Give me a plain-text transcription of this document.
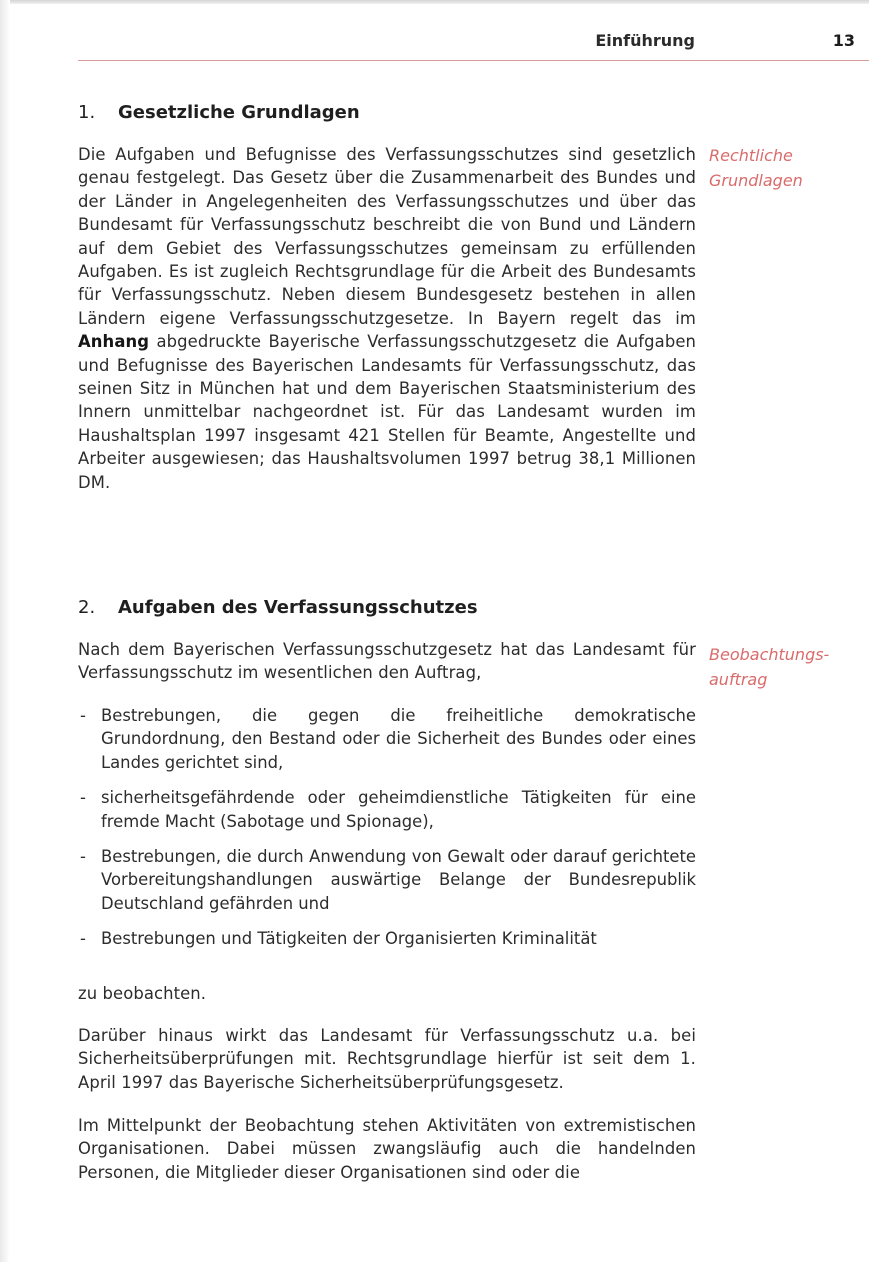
Einführung	13
1. Gesetzliche Grundlagen
Rechtliche
Grundlagen

Die Aufgaben und Befugnisse des Verfassungsschutzes sind gesetzlich genau festgelegt. Das Gesetz über die Zusammenarbeit des Bundes und der Länder in Angelegenheiten des Verfassungsschutzes und über das Bundesamt für Verfassungsschutz beschreibt die von Bund und Ländern auf dem Gebiet des Verfassungsschutzes gemeinsam zu erfüllenden Aufgaben. Es ist zugleich Rechtsgrundlage für die Arbeit des Bundesamts für Verfassungsschutz. Neben diesem Bundesgesetz bestehen in allen Ländern eigene Verfassungsschutzgesetze. In Bayern regelt das im Anhang abgedruckte Bayerische Verfassungsschutzgesetz die Aufgaben und Befugnisse des Bayerischen Landesamts für Verfassungsschutz, das seinen Sitz in München hat und dem Bayerischen Staatsministerium des Innern unmittelbar nachgeordnet ist. Für das Landesamt wurden im Haushaltsplan 1997 insgesamt 421 Stellen für Beamte, Angestellte und Arbeiter ausgewiesen; das Haushaltsvolumen 1997 betrug 38,1 Millionen DM.

2. Aufgaben des Verfassungsschutzes
Beobachtungs-
auftrag

Nach dem Bayerischen Verfassungsschutzgesetz hat das Landesamt für Verfassungsschutz im wesentlichen den Auftrag,

- Bestrebungen, die gegen die freiheitliche demokratische Grundordnung, den Bestand oder die Sicherheit des Bundes oder eines Landes gerichtet sind,
- sicherheitsgefährdende oder geheimdienstliche Tätigkeiten für eine fremde Macht (Sabotage und Spionage),
- Bestrebungen, die durch Anwendung von Gewalt oder darauf gerichtete Vorbereitungshandlungen auswärtige Belange der Bundesrepublik Deutschland gefährden und
- Bestrebungen und Tätigkeiten der Organisierten Kriminalität

zu beobachten.

Darüber hinaus wirkt das Landesamt für Verfassungsschutz u.a. bei Sicherheitsüberprüfungen mit. Rechtsgrundlage hierfür ist seit dem 1. April 1997 das Bayerische Sicherheitsüberprüfungsgesetz.

Im Mittelpunkt der Beobachtung stehen Aktivitäten von extremistischen Organisationen. Dabei müssen zwangsläufig auch die handelnden Personen, die Mitglieder dieser Organisationen sind oder die
